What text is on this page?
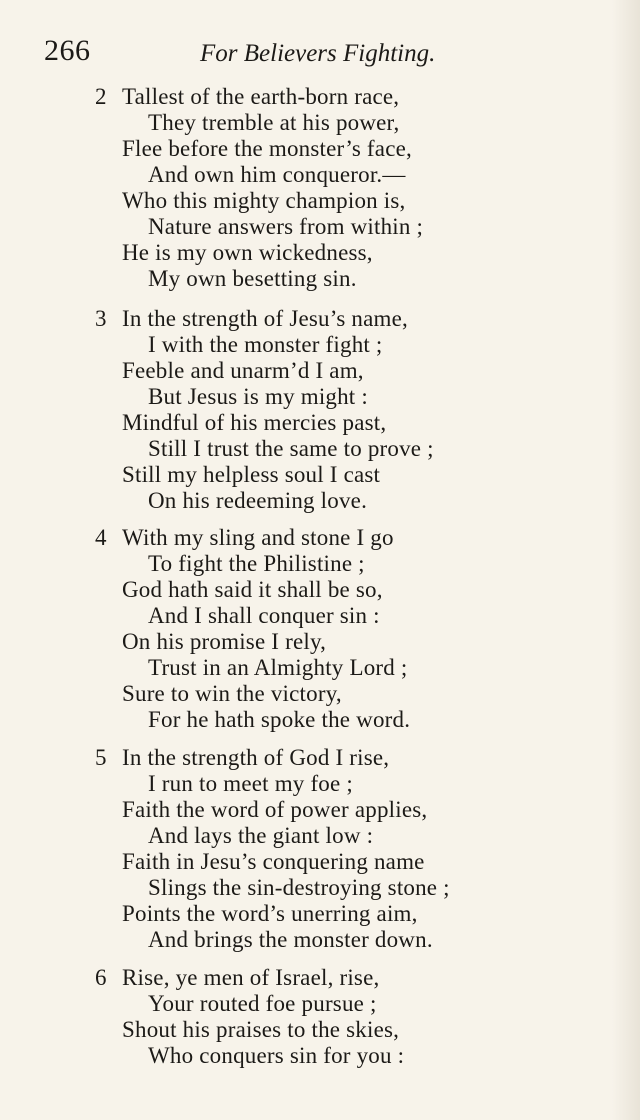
266	For Believers Fighting.
2 Tallest of the earth-born race,
They tremble at his power,
Flee before the monster’s face,
And own him conqueror.—
Who this mighty champion is,
Nature answers from within ;
He is my own wickedness,
My own besetting sin.
3 In the strength of Jesu’s name,
I with the monster fight ;
Feeble and unarm’d I am,
But Jesus is my might :
Mindful of his mercies past,
Still I trust the same to prove ;
Still my helpless soul I cast
On his redeeming love.
4 With my sling and stone I go
To fight the Philistine ;
God hath said it shall be so,
And I shall conquer sin :
On his promise I rely,
Trust in an Almighty Lord ;
Sure to win the victory,
For he hath spoke the word.
5 In the strength of God I rise,
I run to meet my foe ;
Faith the word of power applies,
And lays the giant low :
Faith in Jesu’s conquering name
Slings the sin-destroying stone ;
Points the word’s unerring aim,
And brings the monster down.
6 Rise, ye men of Israel, rise,
Your routed foe pursue ;
Shout his praises to the skies,
Who conquers sin for you :
